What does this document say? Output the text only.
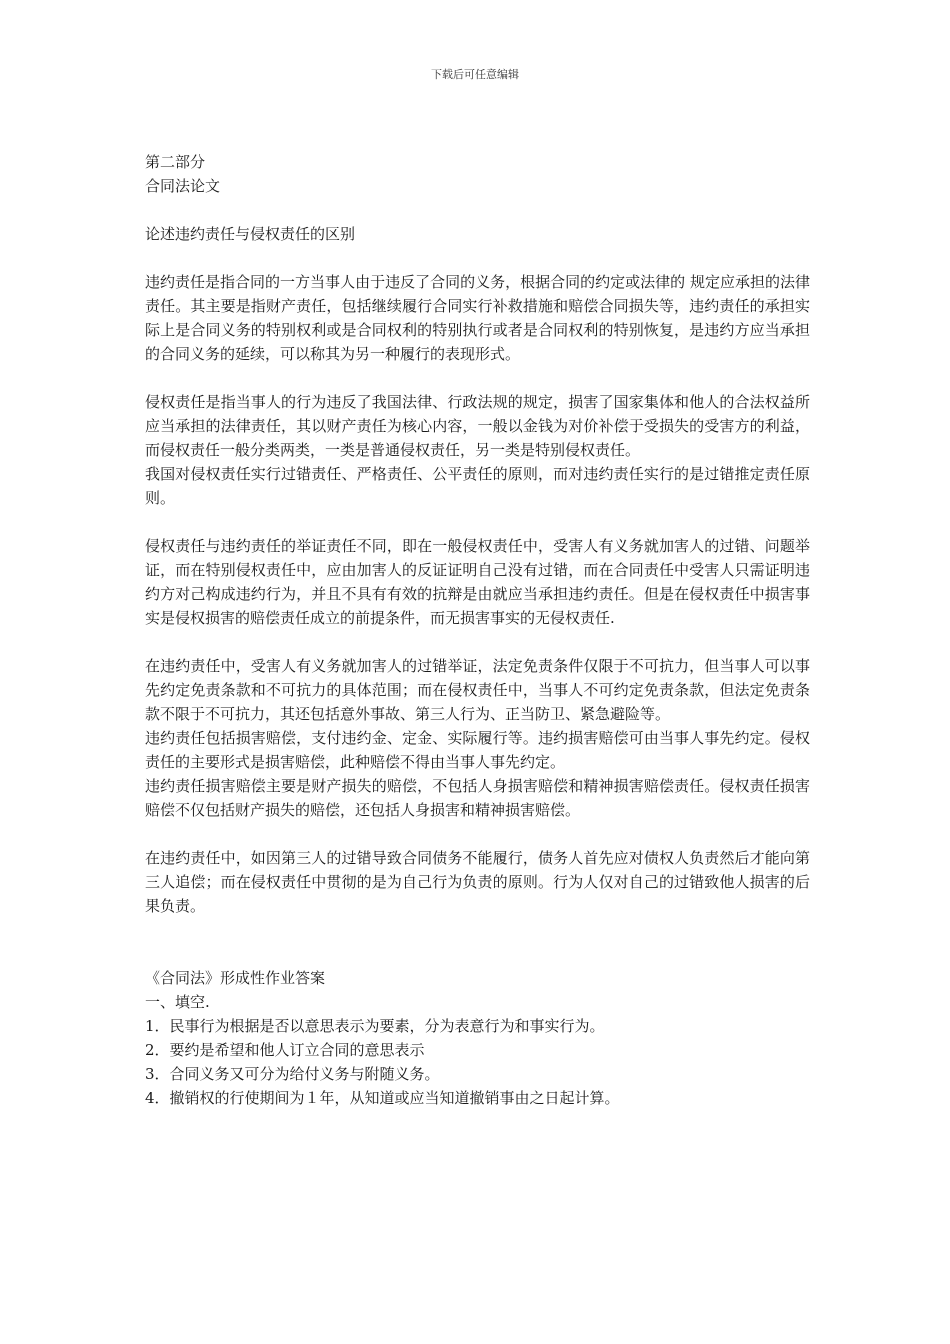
下载后可任意编辑

第二部分

合同法论文

论述违约责任与侵权责任的区别

违约责任是指合同的一方当事人由于违反了合同的义务，根据合同的约定或法律的 规定应承担的法律责任。其主要是指财产责任，包括继续履行合同实行补救措施和赔偿合同损失等，违约责任的承担实际上是合同义务的特别权利或是合同权利的特别执行或者是合同权利的特别恢复，是违约方应当承担的合同义务的延续，可以称其为另一种履行的表现形式。

侵权责任是指当事人的行为违反了我国法律、行政法规的规定，损害了国家集体和他人的合法权益所应当承担的法律责任，其以财产责任为核心内容，一般以金钱为对价补偿于受损失的受害方的利益，而侵权责任一般分类两类，一类是普通侵权责任，另一类是特别侵权责任。

我国对侵权责任实行过错责任、严格责任、公平责任的原则，而对违约责任实行的是过错推定责任原则。

侵权责任与违约责任的举证责任不同，即在一般侵权责任中，受害人有义务就加害人的过错、问题举证，而在特别侵权责任中，应由加害人的反证证明自己没有过错，而在合同责任中受害人只需证明违约方对己构成违约行为，并且不具有有效的抗辩是由就应当承担违约责任。但是在侵权责任中损害事实是侵权损害的赔偿责任成立的前提条件，而无损害事实的无侵权责任.

在违约责任中，受害人有义务就加害人的过错举证，法定免责条件仅限于不可抗力，但当事人可以事先约定免责条款和不可抗力的具体范围；而在侵权责任中，当事人不可约定免责条款，但法定免责条款不限于不可抗力，其还包括意外事故、第三人行为、正当防卫、紧急避险等。

违约责任包括损害赔偿，支付违约金、定金、实际履行等。违约损害赔偿可由当事人事先约定。侵权责任的主要形式是损害赔偿，此种赔偿不得由当事人事先约定。

违约责任损害赔偿主要是财产损失的赔偿，不包括人身损害赔偿和精神损害赔偿责任。侵权责任损害赔偿不仅包括财产损失的赔偿，还包括人身损害和精神损害赔偿。

在违约责任中，如因第三人的过错导致合同债务不能履行，债务人首先应对债权人负责然后才能向第三人追偿；而在侵权责任中贯彻的是为自己行为负责的原则。行为人仅对自己的过错致他人损害的后果负责。

《合同法》形成性作业答案

一、填空.

1．民事行为根据是否以意思表示为要素，分为表意行为和事实行为。

2．要约是希望和他人订立合同的意思表示

3．合同义务又可分为给付义务与附随义务。

4．撤销权的行使期间为１年，从知道或应当知道撤销事由之日起计算。
